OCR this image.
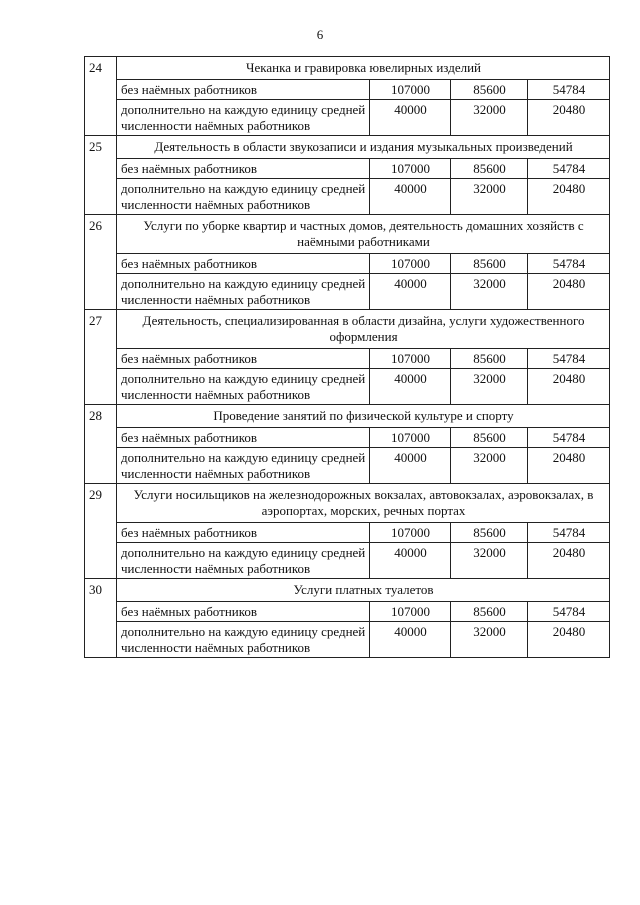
6
24	Чеканка и гравировка ювелирных изделий			
	без наёмных работников	107000	85600	54784
	дополнительно на каждую единицу средней численности наёмных работников	40000	32000	20480
25	Деятельность в области звукозаписи и издания музыкальных произведений			
	без наёмных работников	107000	85600	54784
	дополнительно на каждую единицу средней численности наёмных работников	40000	32000	20480
26	Услуги по уборке квартир и частных домов, деятельность домашних хозяйств с наёмными работниками			
	без наёмных работников	107000	85600	54784
	дополнительно на каждую единицу средней численности наёмных работников	40000	32000	20480
27	Деятельность, специализированная в области дизайна, услуги художественного оформления			
	без наёмных работников	107000	85600	54784
	дополнительно на каждую единицу средней численности наёмных работников	40000	32000	20480
28	Проведение занятий по физической культуре и спорту			
	без наёмных работников	107000	85600	54784
	дополнительно на каждую единицу средней численности наёмных работников	40000	32000	20480
29	Услуги носильщиков на железнодорожных вокзалах, автовокзалах, аэровокзалах, в аэропортах, морских, речных портах			
	без наёмных работников	107000	85600	54784
	дополнительно на каждую единицу средней численности наёмных работников	40000	32000	20480
30	Услуги платных туалетов			
	без наёмных работников	107000	85600	54784
	дополнительно на каждую единицу средней численности наёмных работников	40000	32000	20480
